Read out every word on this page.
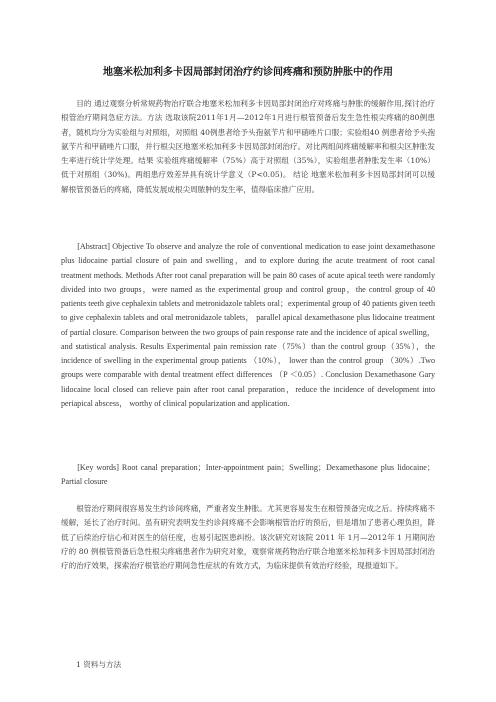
地塞米松加利多卡因局部封闭治疗约诊间疼痛和预防肿胀中的作用
目的 通过观察分析常规药物治疗联合地塞米松加利多卡因局部封闭治疗对疼痛与肿胀的缓解作用,探讨治疗根管治疗期间急症方法。方法 选取该院2011年1月—2012年1月进行根管预备后发生急性根尖疼痛的80例患者，随机均分为实验组与对照组，对照组 40例患者给予头孢氨苄片和甲硝唑片口服；实验组40 例患者给予头孢氨苄片和甲硝唑片口服，并行根尖区地塞米松加利多卡因局部封闭治疗。对比两组间疼痛缓解率和根尖区肿胀发生率进行统计学处理。结果 实验组疼痛缓解率（75%）高于对照组（35%），实验组患者肿胀发生率（10%）低于对照组（30%)。两组患疗效差异具有统计学意义（P<0.05)。 结论 地塞米松加利多卡因局部封闭可以缓解根管预备后的疼痛，降低发展成根尖周脓肿的发生率，值得临床推广应用。
[Abstract] Objective To observe and analyze the role of conventional medication to ease joint dexamethasone plus lidocaine partial closure of pain and swelling，and to explore during the acute treatment of root canal treatment methods. Methods After root canal preparation will be pain 80 cases of acute apical teeth were randomly divided into two groups，were named as the experimental group and control group，the control group of 40 patients teeth give cephalexin tablets and metronidazole tablets oral；experimental group of 40 patients given teeth to give cephalexin tablets and oral metronidazole tablets， parallel apical dexamethasone plus lidocaine treatment of partial closure. Comparison between the two groups of pain response rate and the incidence of apical swelling，and statistical analysis. Results Experimental pain remission rate（75%）than the control group（35%），the incidence of swelling in the experimental group patients （10%）， lower than the control group （30%）.Two groups were comparable with dental treatment effect differences （P ＜0.05）. Conclusion Dexamethasone Gary lidocaine local closed can relieve pain after root canal preparation，reduce the incidence of development into periapical abscess， worthy of clinical popularization and application.
[Key words] Root canal preparation；Inter-appointment pain；Swelling；Dexamethasone plus lidocaine；Partial closure
根管治疗期间很容易发生约诊间疼痛，严重者发生肿胀。尤其更容易发生在根管预备完成之后。持续疼痛不缓解，延长了治疗时间。虽有研究表明发生约诊间疼痛不会影响根管治疗的预后，但是增加了患者心理负担，降低了后续治疗信心和对医生的信任度，也易引起医患纠纷。该次研究对该院 2011 年 1月—2012年 1 月期间治疗的 80 例根管预备后急性根尖疼痛患者作为研究对象，观察常规药物治疗联合地塞米松加利多卡因局部封闭治疗的治疗效果，探索治疗根管治疗期间急性症状的有效方式，为临床提供有效治疗经验，现报道如下。
1 资料与方法
